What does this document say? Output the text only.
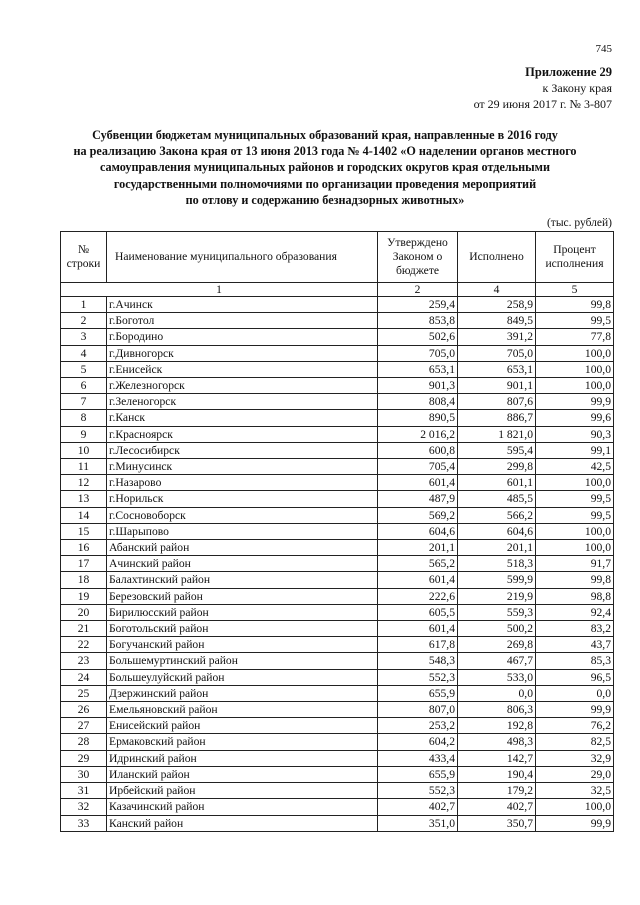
745
Приложение 29
к Закону края
от 29 июня 2017 г. № 3-807
Субвенции бюджетам муниципальных образований края, направленные в 2016 году
на реализацию Закона края от 13 июня 2013 года № 4-1402 «О наделении органов местного
самоуправления муниципальных районов и городских округов края отдельными
государственными полномочиями по организации проведения мероприятий
по отлову и содержанию безнадзорных животных»
(тыс. рублей)
№ строки	Наименование муниципального образования	Утверждено Законом о бюджете	Исполнено	Процент исполнения
1		2	4	5
1	г.Ачинск	259,4	258,9	99,8
2	г.Боготол	853,8	849,5	99,5
3	г.Бородино	502,6	391,2	77,8
4	г.Дивногорск	705,0	705,0	100,0
5	г.Енисейск	653,1	653,1	100,0
6	г.Железногорск	901,3	901,1	100,0
7	г.Зеленогорск	808,4	807,6	99,9
8	г.Канск	890,5	886,7	99,6
9	г.Красноярск	2 016,2	1 821,0	90,3
10	г.Лесосибирск	600,8	595,4	99,1
11	г.Минусинск	705,4	299,8	42,5
12	г.Назарово	601,4	601,1	100,0
13	г.Норильск	487,9	485,5	99,5
14	г.Сосновоборск	569,2	566,2	99,5
15	г.Шарыпово	604,6	604,6	100,0
16	Абанский район	201,1	201,1	100,0
17	Ачинский район	565,2	518,3	91,7
18	Балахтинский район	601,4	599,9	99,8
19	Березовский район	222,6	219,9	98,8
20	Бирилюсский район	605,5	559,3	92,4
21	Боготольский район	601,4	500,2	83,2
22	Богучанский район	617,8	269,8	43,7
23	Большемуртинский район	548,3	467,7	85,3
24	Большеулуйский район	552,3	533,0	96,5
25	Дзержинский район	655,9	0,0	0,0
26	Емельяновский район	807,0	806,3	99,9
27	Енисейский район	253,2	192,8	76,2
28	Ермаковский район	604,2	498,3	82,5
29	Идринский район	433,4	142,7	32,9
30	Иланский район	655,9	190,4	29,0
31	Ирбейский район	552,3	179,2	32,5
32	Казачинский район	402,7	402,7	100,0
33	Канский район	351,0	350,7	99,9
